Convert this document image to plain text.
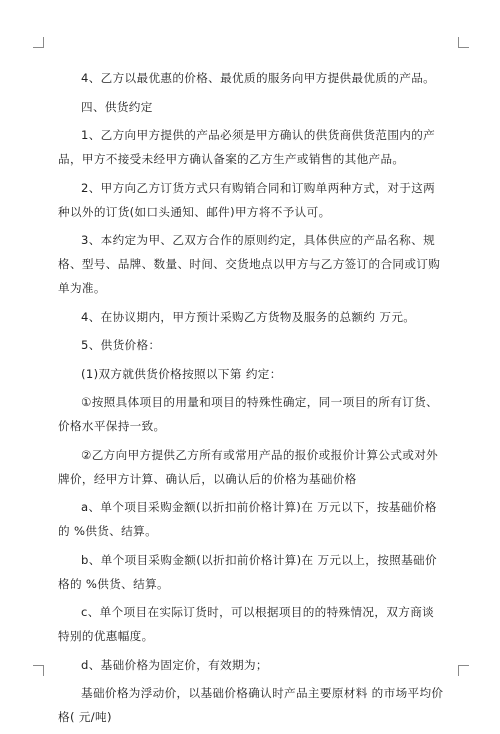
4、乙方以最优惠的价格、最优质的服务向甲方提供最优质的产品。

四、供货约定

1、乙方向甲方提供的产品必须是甲方确认的供货商供货范围内的产品，甲方不接受未经甲方确认备案的乙方生产或销售的其他产品。

2、甲方向乙方订货方式只有购销合同和订购单两种方式，对于这两种以外的订货(如口头通知、邮件)甲方将不予认可。

3、本约定为甲、乙双方合作的原则约定，具体供应的产品名称、规格、型号、品牌、数量、时间、交货地点以甲方与乙方签订的合同或订购单为准。

4、在协议期内，甲方预计采购乙方货物及服务的总额约 万元。

5、供货价格：

(1)双方就供货价格按照以下第 约定：

①按照具体项目的用量和项目的特殊性确定，同一项目的所有订货、价格水平保持一致。

②乙方向甲方提供乙方所有或常用产品的报价或报价计算公式或对外牌价，经甲方计算、确认后，以确认后的价格为基础价格

a、单个项目采购金额(以折扣前价格计算)在 万元以下，按基础价格的 %供货、结算。

b、单个项目采购金额(以折扣前价格计算)在 万元以上，按照基础价格的 %供货、结算。

c、单个项目在实际订货时，可以根据项目的的特殊情况，双方商谈特别的优惠幅度。

d、基础价格为固定价，有效期为；

基础价格为浮动价，以基础价格确认时产品主要原材料 的市场平均价格( 元/吨)
